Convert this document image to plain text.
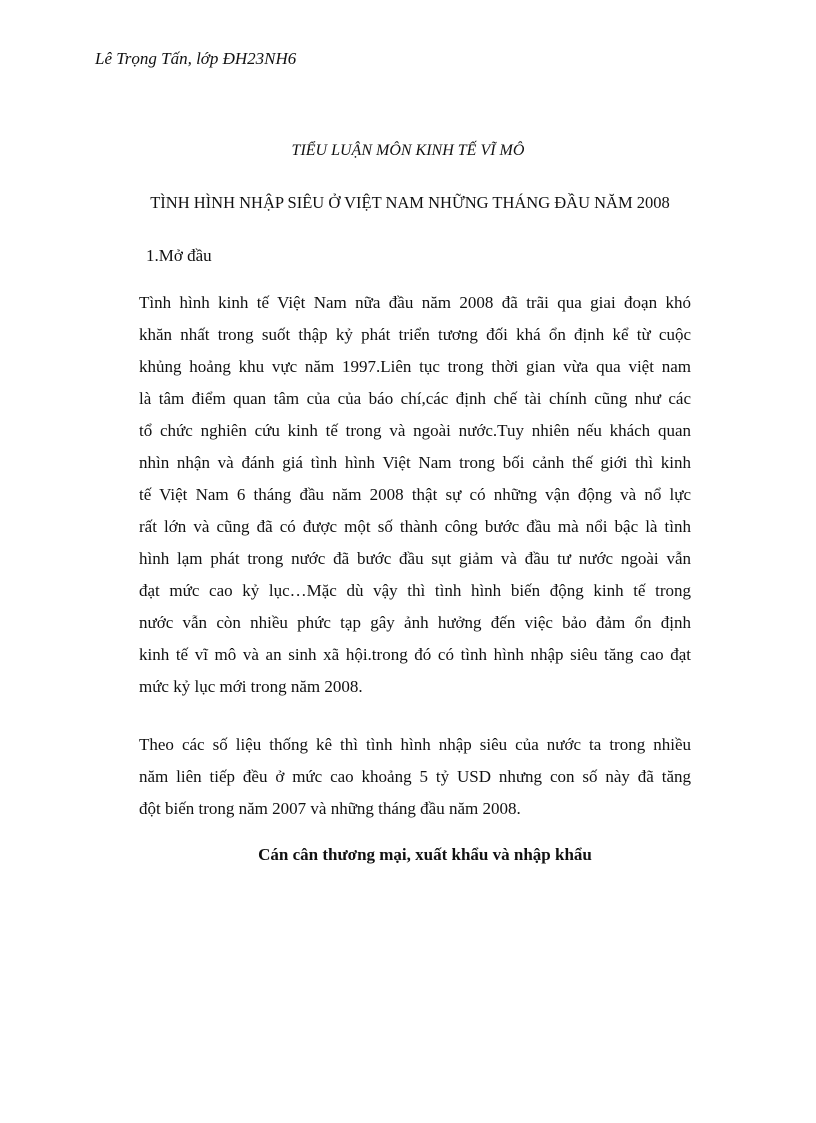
Lê Trọng Tấn, lớp ĐH23NH6
TIỂU LUẬN MÔN KINH TẾ VĨ MÔ
TÌNH HÌNH NHẬP SIÊU Ở VIỆT NAM NHỮNG THÁNG ĐẦU NĂM 2008
1.Mở đầu
Tình hình kinh tế Việt Nam nữa đầu năm 2008 đã trãi qua giai đoạn khó
khăn nhất trong suốt thập kỷ phát triển tương đối khá ổn định kể từ cuộc
khủng hoảng khu vực năm 1997.Liên tục trong thời gian vừa qua việt nam
là tâm điểm quan tâm của của báo chí,các định chế tài chính cũng như các
tổ chức nghiên cứu kinh tế trong và ngoài nước.Tuy nhiên nếu khách quan
nhìn nhận và đánh giá tình hình Việt Nam trong bối cảnh thế giới thì kinh
tế Việt Nam 6 tháng đầu năm 2008 thật sự có những vận động và nổ lực
rất lớn và cũng đã có được một số thành công bước đầu mà nổi bậc là tình
hình lạm phát trong nước đã bước đầu sụt giảm và đầu tư nước ngoài vẫn
đạt mức cao kỷ lục…Mặc dù vậy thì tình hình biến động kinh tế trong
nước vẫn còn nhiều phức tạp gây ảnh hưởng đến việc bảo đảm ổn định
kinh tế vĩ mô và an sinh xã hội.trong đó có tình hình nhập siêu tăng cao đạt
mức kỷ lục mới trong năm 2008.
Theo các số liệu thống kê thì tình hình nhập siêu của nước ta trong nhiều
năm liên tiếp đều ở mức cao khoảng 5 tỷ USD nhưng con số này đã tăng
đột biến trong năm 2007 và những tháng đầu năm 2008.
Cán cân thương mại, xuất khẩu và nhập khẩu
